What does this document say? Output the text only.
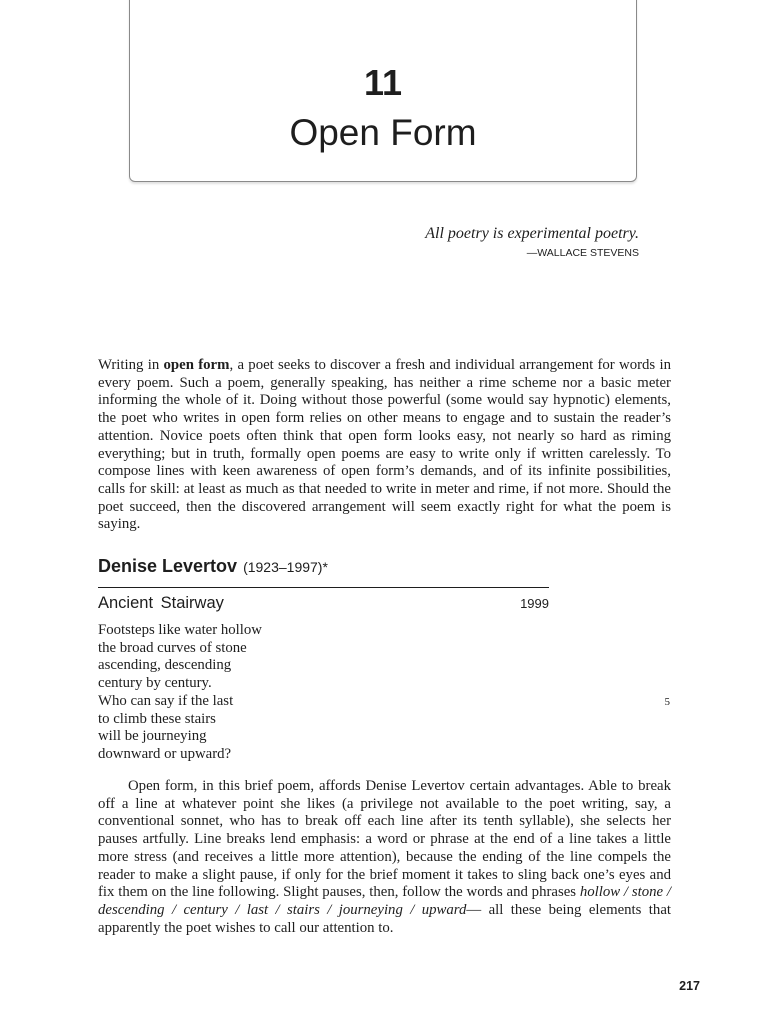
11
Open Form
All poetry is experimental poetry.
—WALLACE STEVENS

Writing in open form, a poet seeks to discover a fresh and individual arrangement for words in every poem. Such a poem, generally speaking, has neither a rime scheme nor a basic meter informing the whole of it. Doing without those powerful (some would say hypnotic) elements, the poet who writes in open form relies on other means to engage and to sustain the reader’s attention. Novice poets often think that open form looks easy, not nearly so hard as riming everything; but in truth, formally open poems are easy to write only if written carelessly. To compose lines with keen awareness of open form’s demands, and of its infinite possibilities, calls for skill: at least as much as that needed to write in meter and rime, if not more. Should the poet succeed, then the discovered arrangement will seem exactly right for what the poem is saying.

Denise Levertov (1923–1997)*
Ancient Stairway	1999
Footsteps like water hollow
the broad curves of stone
ascending, descending
century by century.
Who can say if the last
to climb these stairs
will be journeying
downward or upward?
5

Open form, in this brief poem, affords Denise Levertov certain advantages. Able to break off a line at whatever point she likes (a privilege not available to the poet writing, say, a conventional sonnet, who has to break off each line after its tenth syllable), she selects her pauses artfully. Line breaks lend emphasis: a word or phrase at the end of a line takes a little more stress (and receives a little more attention), because the ending of the line compels the reader to make a slight pause, if only for the brief moment it takes to sling back one’s eyes and fix them on the line following. Slight pauses, then, follow the words and phrases hollow / stone / descending / century / last / stairs / journeying / upward— all these being elements that apparently the poet wishes to call our attention to.

217
